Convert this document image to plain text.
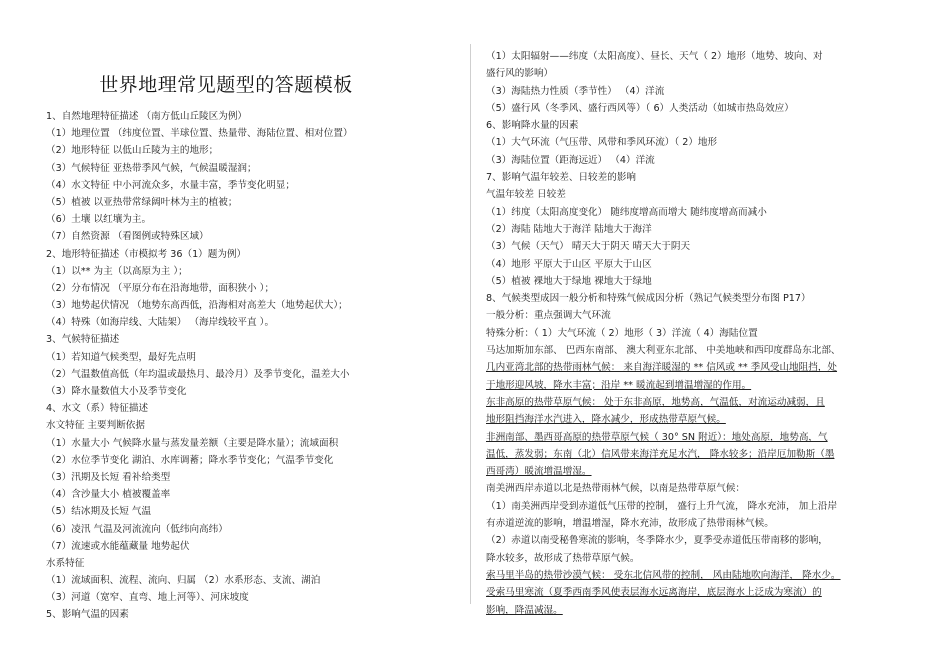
世界地理常见题型的答题模板
1、自然地理特征描述 （南方低山丘陵区为例）
（1）地理位置 （纬度位置、半球位置、热量带、海陆位置、相对位置）
（2）地形特征 以低山丘陵为主的地形；
（3）气候特征 亚热带季风气候，气候温暖湿润；
（4）水文特征 中小河流众多，水量丰富，季节变化明显；
（5）植被 以亚热带常绿阔叶林为主的植被；
（6）土壤 以红壤为主。
（7）自然资源 （看图例或特殊区域）
2、地形特征描述（市模拟考 36（1）题为例）
（1）以** 为主（以高原为主 ）；
（2）分布情况 （平原分布在沿海地带，面积狭小 ）；
（3）地势起伏情况 （地势东高西低，沿海相对高差大（地势起伏大）；
（4）特殊（如海岸线、大陆架） （海岸线较平直 ）。
3、气候特征描述
（1）若知道气候类型，最好先点明
（2）气温数值高低（年均温或最热月、最冷月）及季节变化，温差大小
（3）降水量数值大小及季节变化
4、水文（系）特征描述
水文特征 主要判断依据
（1）水量大小 气候降水量与蒸发量差额（主要是降水量）；流域面积
（2）水位季节变化 湖泊、水库调蓄；降水季节变化；气温季节变化
（3）汛期及长短 看补给类型
（4）含沙量大小 植被覆盖率
（5）结冰期及长短 气温
（6）凌汛 气温及河流流向（低纬向高纬）
（7）流速或水能蕴藏量 地势起伏
水系特征
（1）流域面积、流程、流向、归属 （2）水系形态、支流、湖泊
（3）河道（宽窄、直弯、地上河等）、河床坡度
5、影响气温的因素
（1）太阳辐射——纬度（太阳高度）、昼长、天气（ 2）地形（地势、坡向、对
盛行风的影响）
（3）海陆热力性质（季节性） （4）洋流
（5）盛行风（冬季风、盛行西风等）（ 6）人类活动（如城市热岛效应）
6、影响降水量的因素
（1）大气环流（气压带、风带和季风环流）（ 2）地形
（3）海陆位置（距海远近） （4）洋流
7、影响气温年较差、日较差的影响
气温年较差 日较差
（1）纬度（太阳高度变化） 随纬度增高而增大 随纬度增高而减小
（2）海陆 陆地大于海洋 陆地大于海洋
（3）气候（天气） 晴天大于阴天 晴天大于阴天
（4）地形 平原大于山区 平原大于山区
（5）植被 裸地大于绿地 裸地大于绿地
8、气候类型成因一般分析和特殊气候成因分析（熟记气候类型分布图 P17）
一般分析：重点强调大气环流
特殊分析：（ 1）大气环流（ 2）地形（ 3）洋流（ 4）海陆位置
马达加斯加东部、 巴西东南部、 澳大利亚东北部、 中美地峡和西印度群岛东北部、
几内亚湾北部的热带雨林气候： 来自海洋暖湿的 ** 信风或 ** 季风受山地阻挡，处
于地形迎风坡，降水丰富；沿岸 ** 暖流起到增温增湿的作用。
东非高原的热带草原气候： 处于东非高原，地势高，气温低，对流运动减弱，且
地形阻挡海洋水汽进入，降水减少，形成热带草原气候。
非洲南部、墨西哥高原的热带草原气候（ 30° SN 附近）：地处高原，地势高，气
温低，蒸发弱；东南（北）信风带来海洋充足水汽， 降水较多；沿岸厄加勒斯（墨
西哥湾）暖流增温增湿。
南美洲西岸赤道以北是热带雨林气候，以南是热带草原气候：
（1）南美洲西岸受到赤道低气压带的控制， 盛行上升气流， 降水充沛， 加上沿岸
有赤道逆流的影响，增温增湿，降水充沛，故形成了热带雨林气候。
（2）赤道以南受秘鲁寒流的影响，冬季降水少，夏季受赤道低压带南移的影响，
降水较多，故形成了热带草原气候。
索马里半岛的热带沙漠气候： 受东北信风带的控制， 风由陆地吹向海洋， 降水少。
受索马里寒流（夏季西南季风使表层海水远离海岸，底层海水上泛成为寒流）的
影响，降温减湿。
